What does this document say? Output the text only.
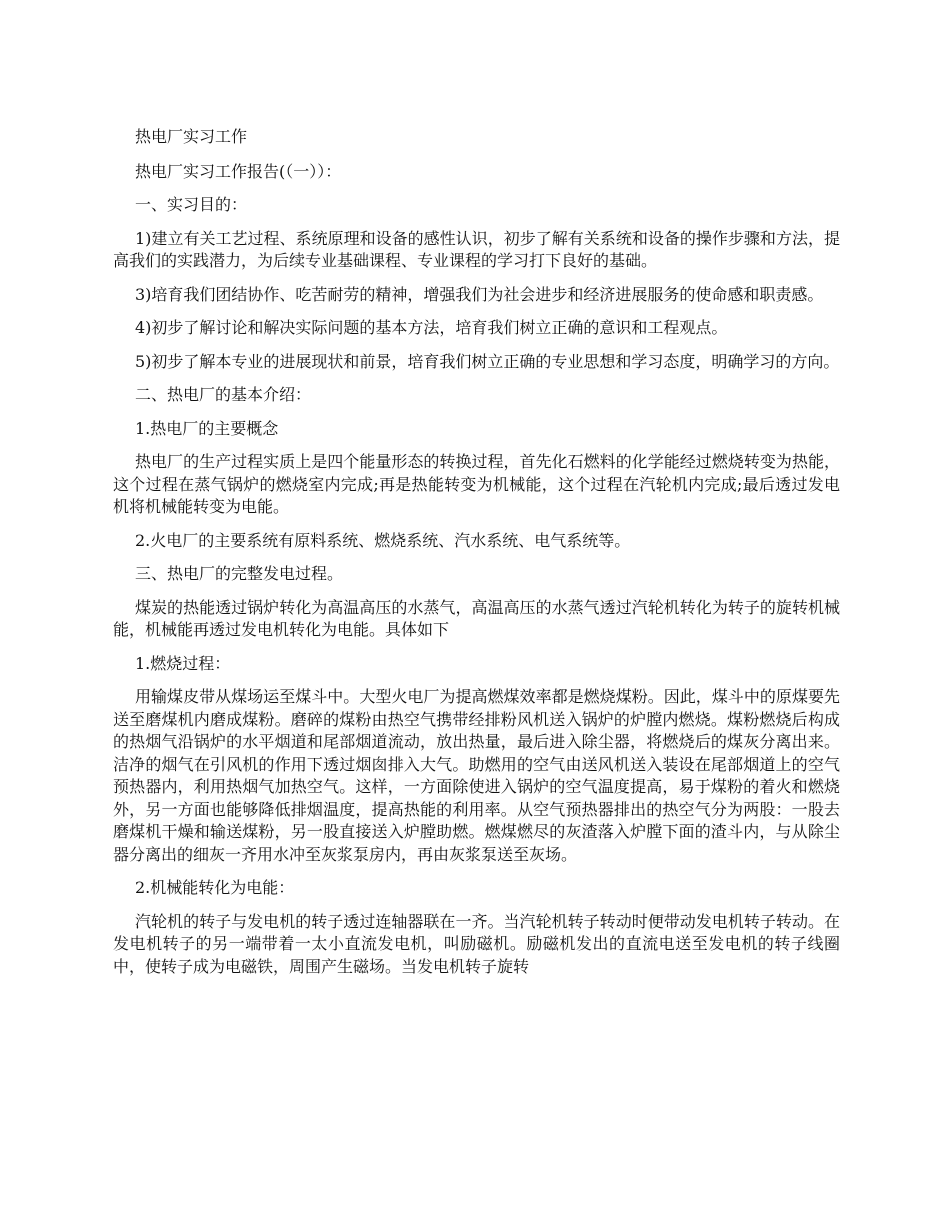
热电厂实习工作

热电厂实习工作报告(（一））：

一、实习目的：

1)建立有关工艺过程、系统原理和设备的感性认识，初步了解有关系统和设备的操作步骤和方法，提高我们的实践潜力，为后续专业基础课程、专业课程的学习打下良好的基础。

3)培育我们团结协作、吃苦耐劳的精神，增强我们为社会进步和经济进展服务的使命感和职责感。

4)初步了解讨论和解决实际问题的基本方法，培育我们树立正确的意识和工程观点。

5)初步了解本专业的进展现状和前景，培育我们树立正确的专业思想和学习态度，明确学习的方向。

二、热电厂的基本介绍：

1.热电厂的主要概念

热电厂的生产过程实质上是四个能量形态的转换过程，首先化石燃料的化学能经过燃烧转变为热能，这个过程在蒸气锅炉的燃烧室内完成;再是热能转变为机械能，这个过程在汽轮机内完成;最后透过发电机将机械能转变为电能。

2.火电厂的主要系统有原料系统、燃烧系统、汽水系统、电气系统等。

三、热电厂的完整发电过程。

煤炭的热能透过锅炉转化为高温高压的水蒸气，高温高压的水蒸气透过汽轮机转化为转子的旋转机械能，机械能再透过发电机转化为电能。具体如下

1.燃烧过程：

用输煤皮带从煤场运至煤斗中。大型火电厂为提高燃煤效率都是燃烧煤粉。因此，煤斗中的原煤要先送至磨煤机内磨成煤粉。磨碎的煤粉由热空气携带经排粉风机送入锅炉的炉膛内燃烧。煤粉燃烧后构成的热烟气沿锅炉的水平烟道和尾部烟道流动，放出热量，最后进入除尘器，将燃烧后的煤灰分离出来。洁净的烟气在引风机的作用下透过烟囱排入大气。助燃用的空气由送风机送入装设在尾部烟道上的空气预热器内，利用热烟气加热空气。这样，一方面除使进入锅炉的空气温度提高，易于煤粉的着火和燃烧外，另一方面也能够降低排烟温度，提高热能的利用率。从空气预热器排出的热空气分为两股：一股去磨煤机干燥和输送煤粉，另一股直接送入炉膛助燃。燃煤燃尽的灰渣落入炉膛下面的渣斗内，与从除尘器分离出的细灰一齐用水冲至灰浆泵房内，再由灰浆泵送至灰场。

2.机械能转化为电能：

汽轮机的转子与发电机的转子透过连轴器联在一齐。当汽轮机转子转动时便带动发电机转子转动。在发电机转子的另一端带着一太小直流发电机，叫励磁机。励磁机发出的直流电送至发电机的转子线圈中，使转子成为电磁铁，周围产生磁场。当发电机转子旋转
